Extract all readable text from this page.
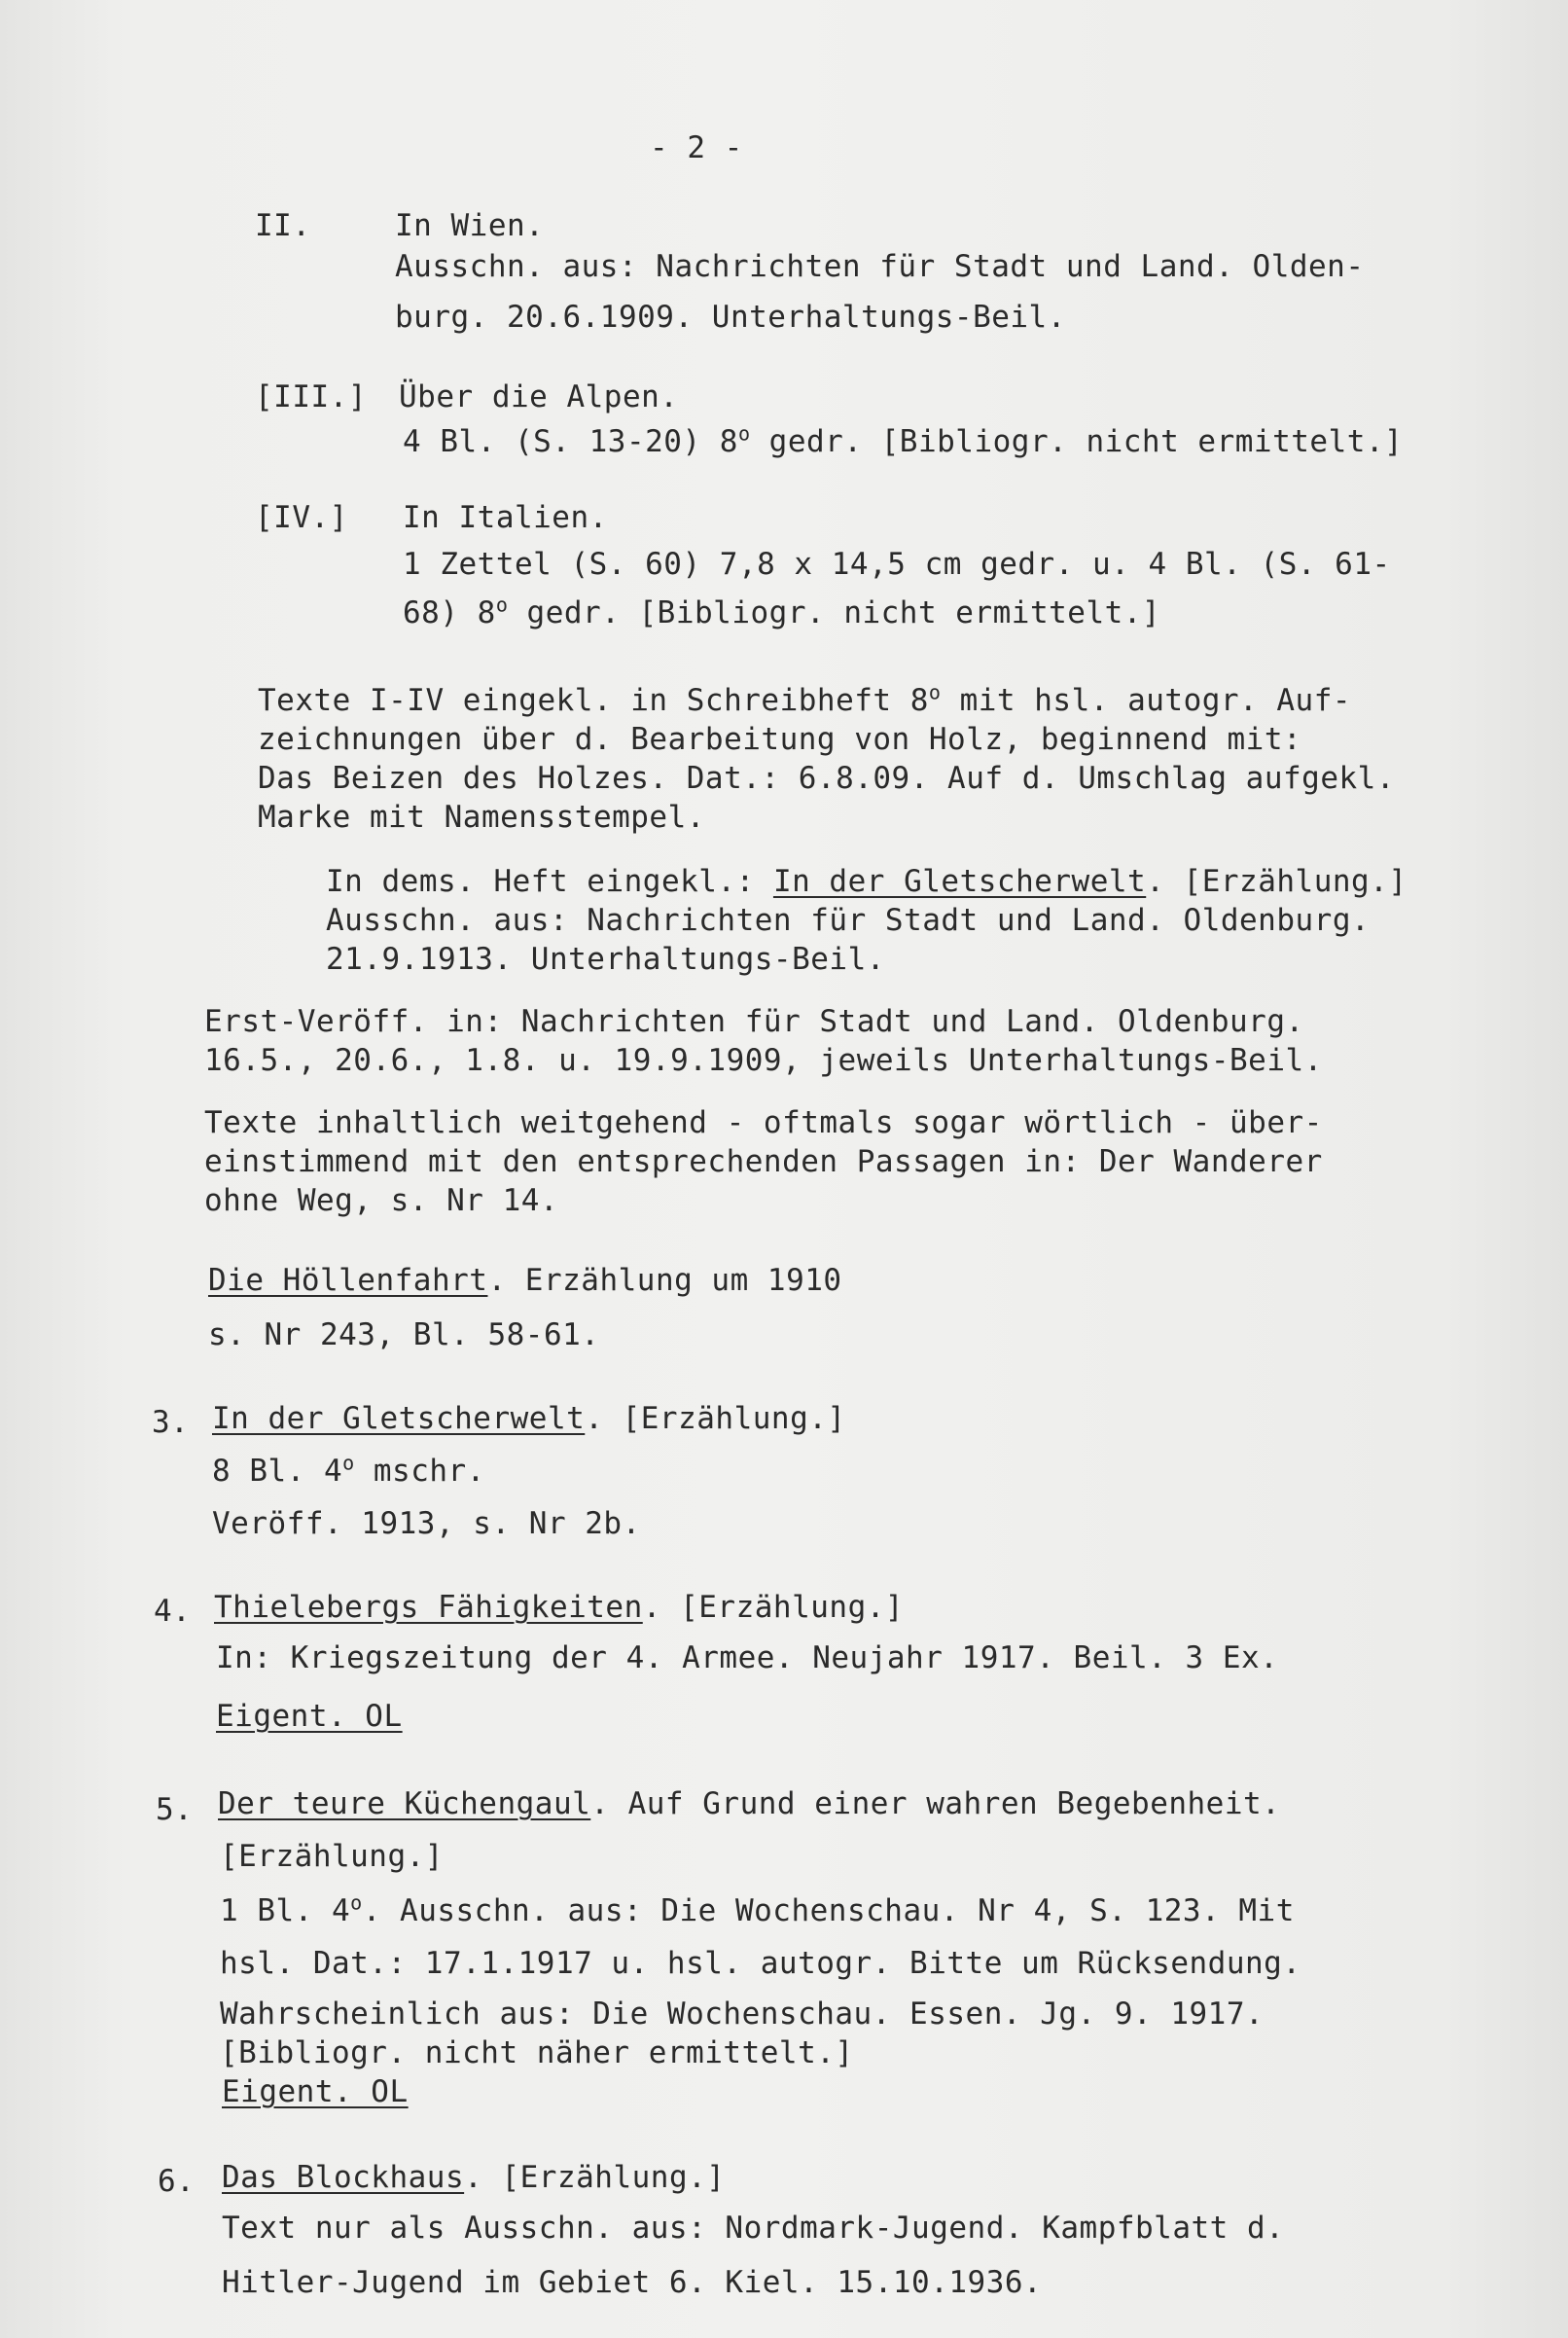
- 2 -
II.	In Wien.
Ausschn. aus: Nachrichten für Stadt und Land. Olden-
burg. 20.6.1909. Unterhaltungs-Beil.
[III.] Über die Alpen.
4 Bl. (S. 13-20) 8$^o$ gedr. [Bibliogr. nicht ermittelt.]
[IV.] In Italien.
1 Zettel (S. 60) 7,8 x 14,5 cm gedr. u. 4 Bl. (S. 61-
68) 8$^o$ gedr. [Bibliogr. nicht ermittelt.]
Texte I-IV eingekl. in Schreibheft 8$^o$ mit hsl. autogr. Auf-
zeichnungen über d. Bearbeitung von Holz, beginnend mit:
Das Beizen des Holzes. Dat.: 6.8.09. Auf d. Umschlag aufgekl.
Marke mit Namensstempel.
In dems. Heft eingekl.: In der Gletscherwelt. [Erzählung.]
Ausschn. aus: Nachrichten für Stadt und Land. Oldenburg.
21.9.1913. Unterhaltungs-Beil.
Erst-Veröff. in: Nachrichten für Stadt und Land. Oldenburg.
16.5., 20.6., 1.8. u. 19.9.1909, jeweils Unterhaltungs-Beil.
Texte inhaltlich weitgehend - oftmals sogar wörtlich - über-
einstimmend mit den entsprechenden Passagen in: Der Wanderer
ohne Weg, s. Nr 14.
Die Höllenfahrt. Erzählung um 1910
s. Nr 243, Bl. 58-61.
3. In der Gletscherwelt. [Erzählung.]
8 Bl. 4$^o$ mschr.
Veröff. 1913, s. Nr 2b.
4. Thielebergs Fähigkeiten. [Erzählung.]
In: Kriegszeitung der 4. Armee. Neujahr 1917. Beil. 3 Ex.
Eigent. OL
5. Der teure Küchengaul. Auf Grund einer wahren Begebenheit.
[Erzählung.]
1 Bl. 4$^o$. Ausschn. aus: Die Wochenschau. Nr 4, S. 123. Mit
hsl. Dat.: 17.1.1917 u. hsl. autogr. Bitte um Rücksendung.
Wahrscheinlich aus: Die Wochenschau. Essen. Jg. 9. 1917.
[Bibliogr. nicht näher ermittelt.]
Eigent. OL
6. Das Blockhaus. [Erzählung.]
Text nur als Ausschn. aus: Nordmark-Jugend. Kampfblatt d.
Hitler-Jugend im Gebiet 6. Kiel. 15.10.1936.
